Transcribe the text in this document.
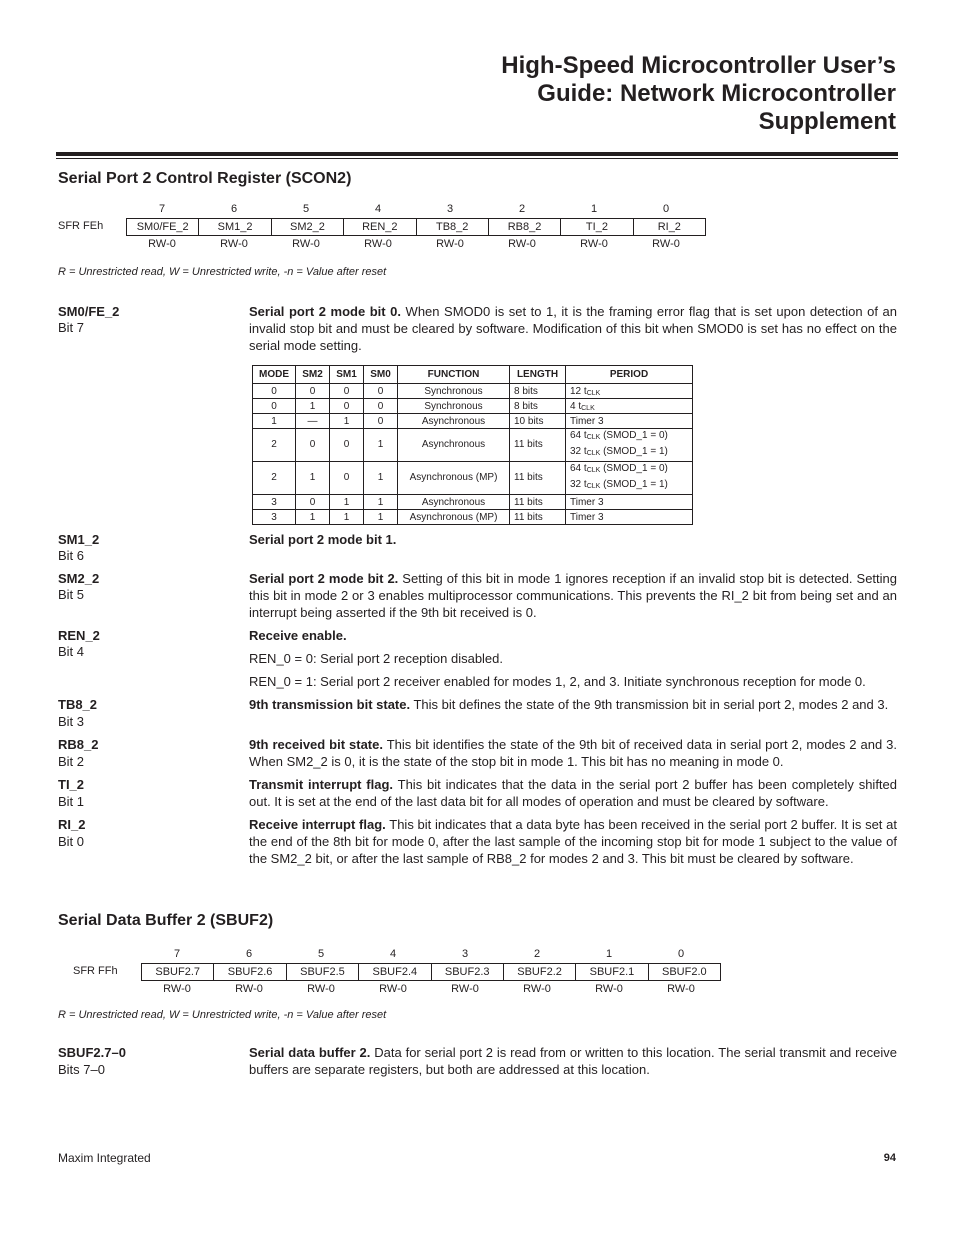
High-Speed Microcontroller User’s
Guide: Network Microcontroller
Supplement
Serial Port 2 Control Register (SCON2)
7	6	5	4	3	2	1	0
SFR FEh	SM0/FE_2	SM1_2	SM2_2	REN_2	TB8_2	RB8_2	TI_2	RI_2
RW-0	RW-0	RW-0	RW-0	RW-0	RW-0	RW-0	RW-0
R = Unrestricted read, W = Unrestricted write, -n = Value after reset
SM0/FE_2
Bit 7
Serial port 2 mode bit 0. When SMOD0 is set to 1, it is the framing error flag that is set upon detection of an invalid stop bit and must be cleared by software. Modification of this bit when SMOD0 is set has no effect on the serial mode setting.
MODE	SM2	SM1	SM0	FUNCTION	LENGTH	PERIOD
0	0	0	0	Synchronous	8 bits	12 tCLK
0	1	0	0	Synchronous	8 bits	4 tCLK
1	—	1	0	Asynchronous	10 bits	Timer 3
2	0	0	1	Asynchronous	11 bits	64 tCLK (SMOD_1 = 0)
32 tCLK (SMOD_1 = 1)
2	1	0	1	Asynchronous (MP)	11 bits	64 tCLK (SMOD_1 = 0)
32 tCLK (SMOD_1 = 1)
3	0	1	1	Asynchronous	11 bits	Timer 3
3	1	1	1	Asynchronous (MP)	11 bits	Timer 3
SM1_2
Bit 6
Serial port 2 mode bit 1.
SM2_2
Bit 5
Serial port 2 mode bit 2. Setting of this bit in mode 1 ignores reception if an invalid stop bit is detected. Setting this bit in mode 2 or 3 enables multiprocessor communications. This prevents the RI_2 bit from being set and an interrupt being asserted if the 9th bit received is 0.
REN_2
Bit 4
Receive enable.
REN_0 = 0: Serial port 2 reception disabled.
REN_0 = 1: Serial port 2 receiver enabled for modes 1, 2, and 3. Initiate synchronous reception for mode 0.
TB8_2
Bit 3
9th transmission bit state. This bit defines the state of the 9th transmission bit in serial port 2, modes 2 and 3.
RB8_2
Bit 2
9th received bit state. This bit identifies the state of the 9th bit of received data in serial port 2, modes 2 and 3. When SM2_2 is 0, it is the state of the stop bit in mode 1. This bit has no meaning in mode 0.
TI_2
Bit 1
Transmit interrupt flag. This bit indicates that the data in the serial port 2 buffer has been completely shifted out. It is set at the end of the last data bit for all modes of operation and must be cleared by software.
RI_2
Bit 0
Receive interrupt flag. This bit indicates that a data byte has been received in the serial port 2 buffer. It is set at the end of the 8th bit for mode 0, after the last sample of the incoming stop bit for mode 1 subject to the value of the SM2_2 bit, or after the last sample of RB8_2 for modes 2 and 3. This bit must be cleared by software.
Serial Data Buffer 2 (SBUF2)
7	6	5	4	3	2	1	0
SFR FFh	SBUF2.7	SBUF2.6	SBUF2.5	SBUF2.4	SBUF2.3	SBUF2.2	SBUF2.1	SBUF2.0
RW-0	RW-0	RW-0	RW-0	RW-0	RW-0	RW-0	RW-0
R = Unrestricted read, W = Unrestricted write, -n = Value after reset
SBUF2.7–0
Bits 7–0
Serial data buffer 2. Data for serial port 2 is read from or written to this location. The serial transmit and receive buffers are separate registers, but both are addressed at this location.
Maxim Integrated	94
